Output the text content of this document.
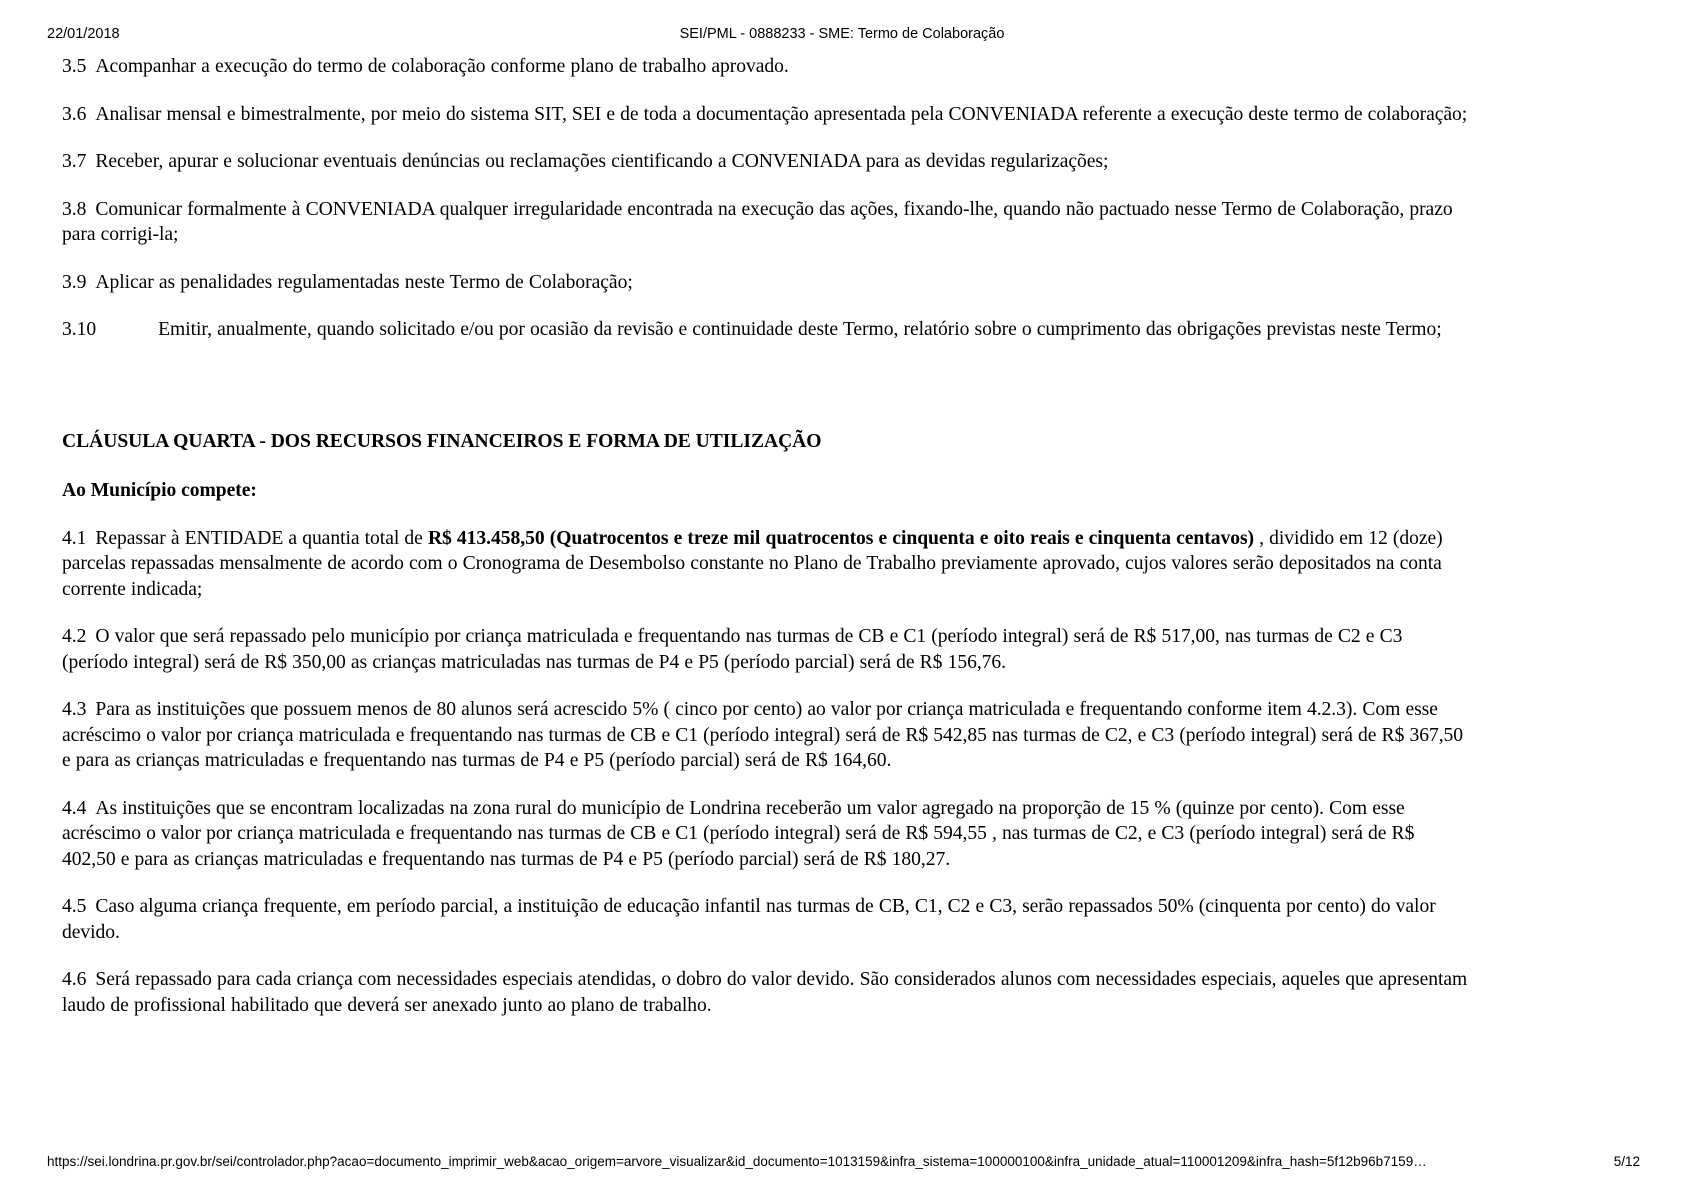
22/01/2018	SEI/PML - 0888233 - SME: Termo de Colaboração

3.5 Acompanhar a execução do termo de colaboração conforme plano de trabalho aprovado.

3.6 Analisar mensal e bimestralmente, por meio do sistema SIT, SEI e de toda a documentação apresentada pela CONVENIADA referente a execução deste termo de colaboração;

3.7 Receber, apurar e solucionar eventuais denúncias ou reclamações cientificando a CONVENIADA para as devidas regularizações;

3.8 Comunicar formalmente à CONVENIADA qualquer irregularidade encontrada na execução das ações, fixando-lhe, quando não pactuado nesse Termo de Colaboração, prazo para corrigi-la;

3.9 Aplicar as penalidades regulamentadas neste Termo de Colaboração;

3.10	Emitir, anualmente, quando solicitado e/ou por ocasião da revisão e continuidade deste Termo, relatório sobre o cumprimento das obrigações previstas neste Termo;

CLÁUSULA QUARTA - DOS RECURSOS FINANCEIROS E FORMA DE UTILIZAÇÃO

Ao Município compete:

4.1 Repassar à ENTIDADE a quantia total de R$ 413.458,50 (Quatrocentos e treze mil quatrocentos e cinquenta e oito reais e cinquenta centavos) , dividido em 12 (doze) parcelas repassadas mensalmente de acordo com o Cronograma de Desembolso constante no Plano de Trabalho previamente aprovado, cujos valores serão depositados na conta corrente indicada;

4.2 O valor que será repassado pelo município por criança matriculada e frequentando nas turmas de CB e C1 (período integral) será de R$ 517,00, nas turmas de C2 e C3 (período integral) será de R$ 350,00 as crianças matriculadas nas turmas de P4 e P5 (período parcial) será de R$ 156,76.

4.3 Para as instituições que possuem menos de 80 alunos será acrescido 5% ( cinco por cento) ao valor por criança matriculada e frequentando conforme item 4.2.3). Com esse acréscimo o valor por criança matriculada e frequentando nas turmas de CB e C1 (período integral) será de R$ 542,85 nas turmas de C2, e C3 (período integral) será de R$ 367,50 e para as crianças matriculadas e frequentando nas turmas de P4 e P5 (período parcial) será de R$ 164,60.

4.4 As instituições que se encontram localizadas na zona rural do município de Londrina receberão um valor agregado na proporção de 15 % (quinze por cento). Com esse acréscimo o valor por criança matriculada e frequentando nas turmas de CB e C1 (período integral) será de R$ 594,55 , nas turmas de C2, e C3 (período integral) será de R$ 402,50 e para as crianças matriculadas e frequentando nas turmas de P4 e P5 (período parcial) será de R$ 180,27.

4.5 Caso alguma criança frequente, em período parcial, a instituição de educação infantil nas turmas de CB, C1, C2 e C3, serão repassados 50% (cinquenta por cento) do valor devido.

4.6 Será repassado para cada criança com necessidades especiais atendidas, o dobro do valor devido. São considerados alunos com necessidades especiais, aqueles que apresentam laudo de profissional habilitado que deverá ser anexado junto ao plano de trabalho.

https://sei.londrina.pr.gov.br/sei/controlador.php?acao=documento_imprimir_web&acao_origem=arvore_visualizar&id_documento=1013159&infra_sistema=100000100&infra_unidade_atual=110001209&infra_hash=5f12b96b7159…	5/12
